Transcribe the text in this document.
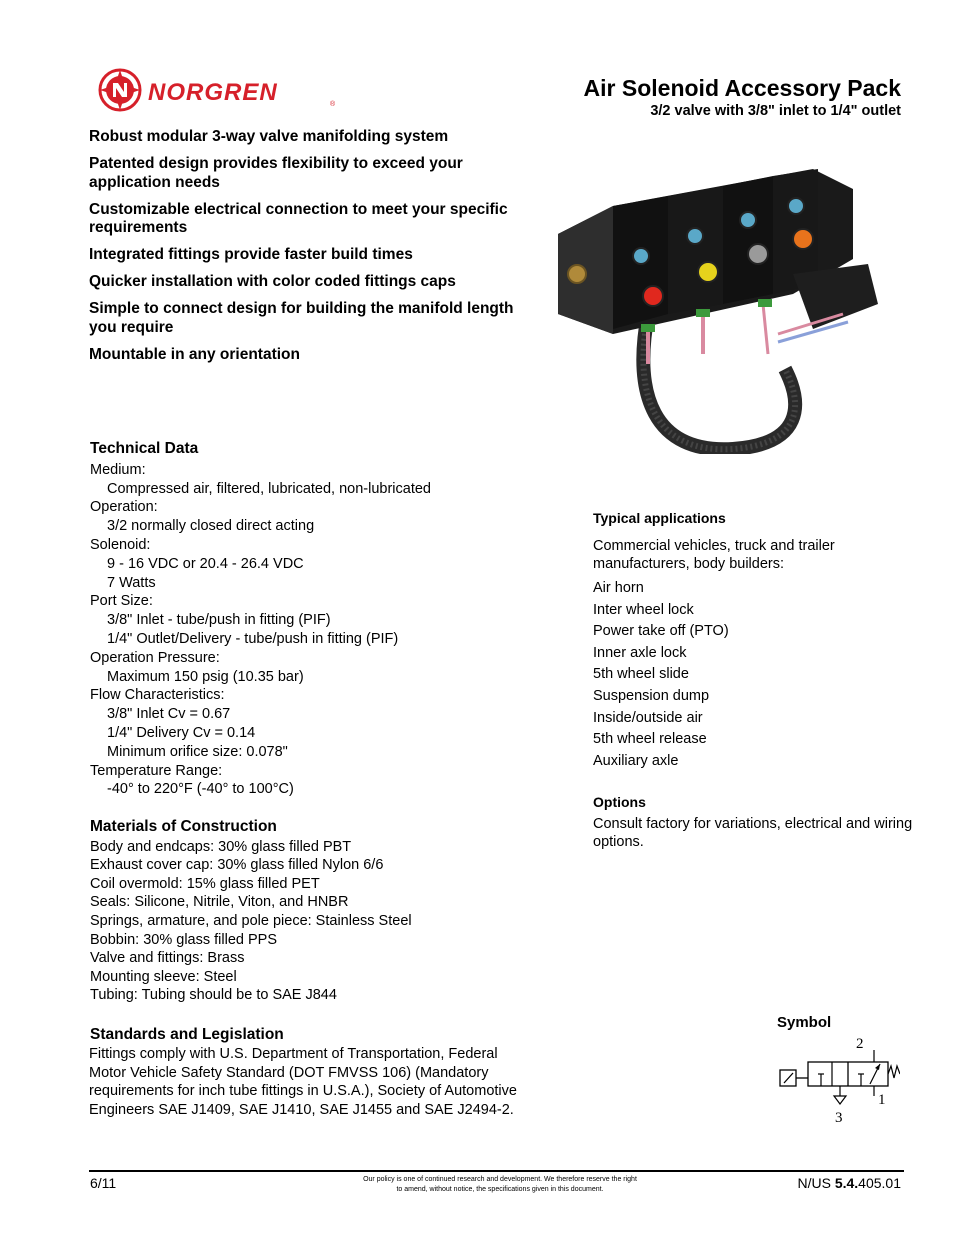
NORGREN	®
Air Solenoid Accessory Pack
3/2 valve with 3/8" inlet to 1/4" outlet
Robust modular 3-way valve manifolding system
Patented design provides flexibility to exceed your application needs
Customizable electrical connection to meet your specific requirements
Integrated fittings provide faster build times
Quicker installation with color coded fittings caps
Simple to connect design for building the manifold length you require
Mountable in any orientation
Technical Data
Medium:
Compressed air, filtered, lubricated, non-lubricated
Operation:
3/2 normally closed direct acting
Solenoid:
9 - 16 VDC or 20.4 - 26.4 VDC
7 Watts
Port Size:
3/8" Inlet - tube/push in fitting (PIF)
1/4" Outlet/Delivery - tube/push in fitting (PIF)
Operation Pressure:
Maximum 150 psig (10.35 bar)
Flow Characteristics:
3/8" Inlet Cv = 0.67
1/4" Delivery Cv = 0.14
Minimum orifice size: 0.078"
Temperature Range:
-40° to 220°F (-40° to 100°C)
Materials of Construction
Body and endcaps: 30% glass filled PBT
Exhaust cover cap: 30% glass filled Nylon 6/6
Coil overmold: 15% glass filled PET
Seals: Silicone, Nitrile, Viton, and HNBR
Springs, armature, and pole piece: Stainless Steel
Bobbin: 30% glass filled PPS
Valve and fittings: Brass
Mounting sleeve: Steel
Tubing: Tubing should be to SAE J844
Standards and Legislation
Fittings comply with U.S. Department of Transportation, Federal
Motor Vehicle Safety Standard (DOT FMVSS 106) (Mandatory
requirements for inch tube fittings in U.S.A.), Society of Automotive
Engineers SAE J1409, SAE J1410, SAE J1455 and SAE J2494-2.
Typical applications
Commercial vehicles, truck and trailer manufacturers, body builders:
Air horn
Inter wheel lock
Power take off (PTO)
Inner axle lock
5th wheel slide
Suspension dump
Inside/outside air
5th wheel release
Auxiliary axle
Options
Consult factory for variations, electrical and wiring options.
Symbol
2
1
3
6/11	Our policy is one of continued research and development. We therefore reserve the right
to amend, without notice, the specifications given in this document.	N/US 5.4.405.01
